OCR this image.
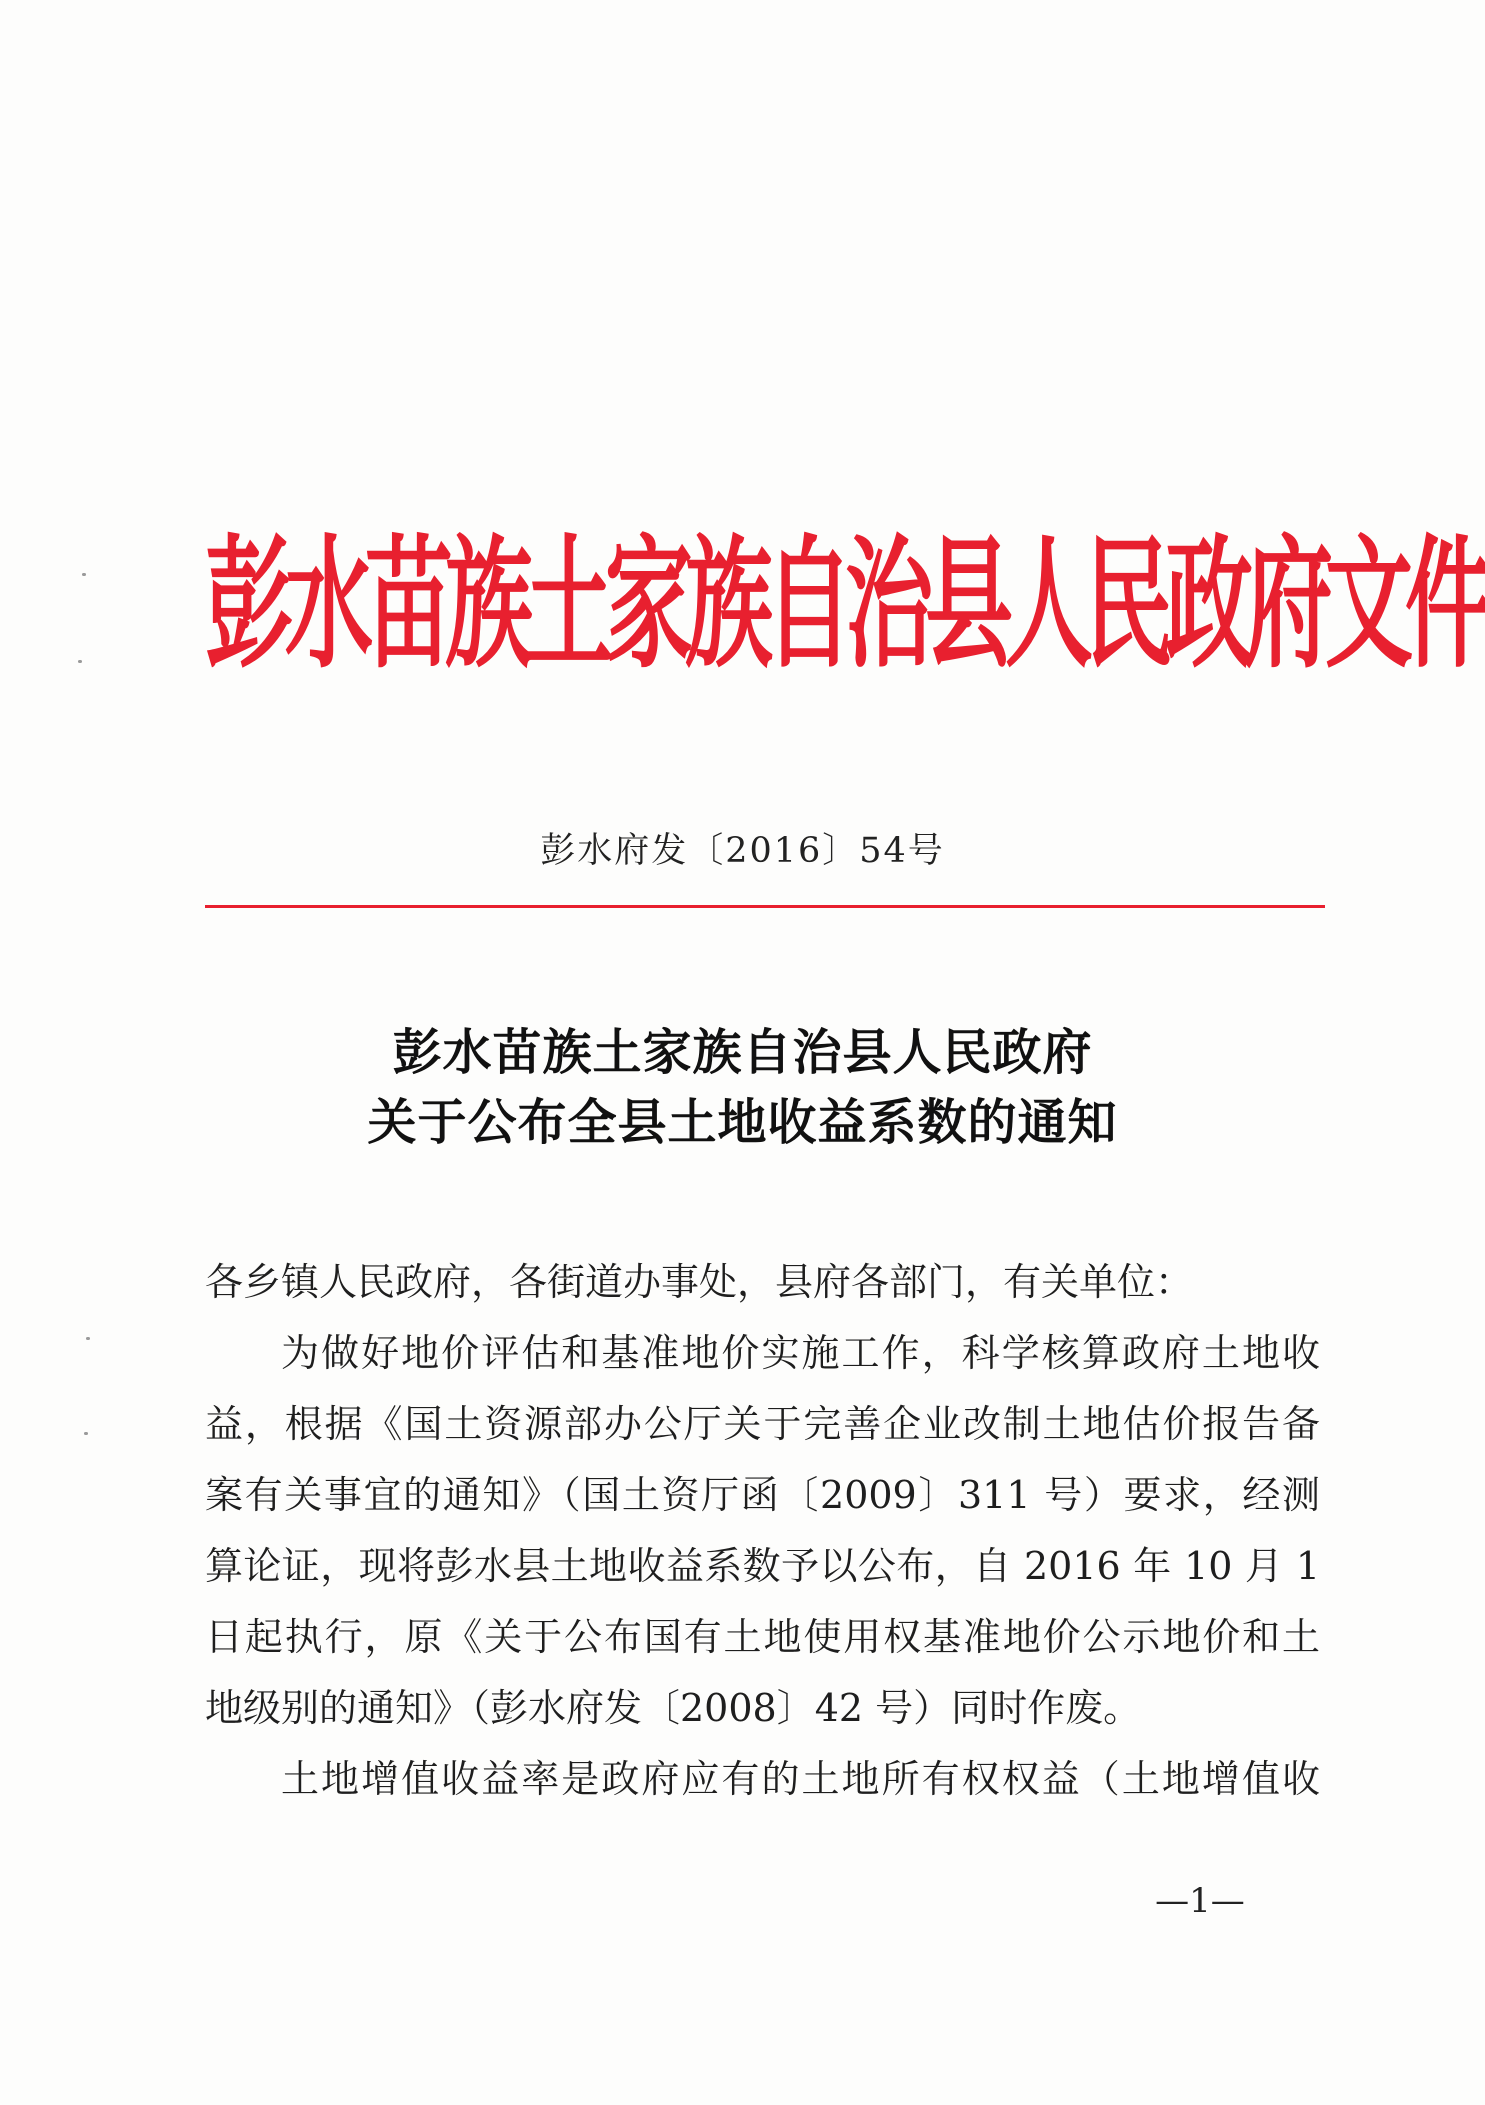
彭水苗族土家族自治县人民政府文件
彭水府发〔2016〕54号
彭水苗族土家族自治县人民政府
关于公布全县土地收益系数的通知
各乡镇人民政府，各街道办事处，县府各部门，有关单位：
为做好地价评估和基准地价实施工作，科学核算政府土地收
益，根据《国土资源部办公厅关于完善企业改制土地估价报告备
案有关事宜的通知》（国土资厅函〔2009〕311 号）要求，经测
算论证，现将彭水县土地收益系数予以公布，自 2016 年 10 月 1
日起执行，原《关于公布国有土地使用权基准地价公示地价和土
地级别的通知》（彭水府发〔2008〕42 号）同时作废。
土地增值收益率是政府应有的土地所有权权益（土地增值收
—1—
